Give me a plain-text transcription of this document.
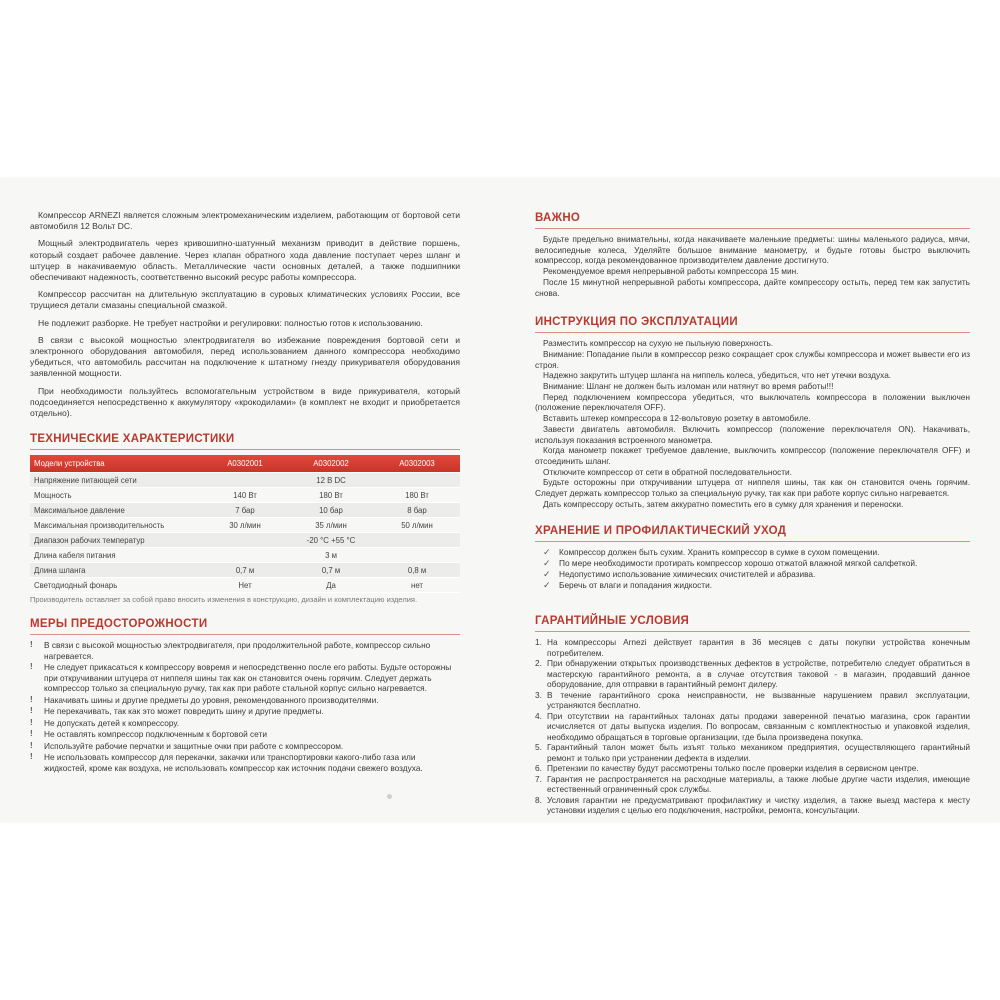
Компрессор ARNEZI является сложным электромеханическим изделием, работающим от бортовой сети автомобиля 12 Вольт DC.

Мощный электродвигатель через кривошипно-шатунный механизм приводит в действие поршень, который создает рабочее давление. Через клапан обратного хода давление поступает через шланг и штуцер в накачиваемую область. Металлические части основных деталей, а также подшипники обеспечивают надежность, соответственно высокий ресурс работы компрессора.

Компрессор рассчитан на длительную эксплуатацию в суровых климатических условиях России, все трущиеся детали смазаны специальной смазкой.

Не подлежит разборке. Не требует настройки и регулировки: полностью готов к использованию.

В связи с высокой мощностью электродвигателя во избежание повреждения бортовой сети и электронного оборудования автомобиля, перед использованием данного компрессора необходимо убедиться, что автомобиль рассчитан на подключение к штатному гнезду прикуривателя оборудования заявленной мощности.

При необходимости пользуйтесь вспомогательным устройством в виде прикуривателя, который подсоединяется непосредственно к аккумулятору «крокодилами» (в комплект не входит и приобретается отдельно).

ТЕХНИЧЕСКИЕ ХАРАКТЕРИСТИКИ
Модели устройства	A0302001	A0302002	A0302003
Напряжение питающей сети	12 В DC		
Мощность	140 Вт	180 Вт	180 Вт
Максимальное давление	7 бар	10 бар	8 бар
Максимальная производительность	30 л/мин	35 л/мин	50 л/мин
Диапазон рабочих температур	-20 °C +55 °C		
Длина кабеля питания	3 м		
Длина шланга	0,7 м	0,7 м	0,8 м
Светодиодный фонарь	Нет	Да	нет
Производитель оставляет за собой право вносить изменения в конструкцию, дизайн и комплектацию изделия.
МЕРЫ ПРЕДОСТОРОЖНОСТИ
!	В связи с высокой мощностью электродвигателя, при продолжительной работе, компрессор сильно нагревается.
!	Не следует прикасаться к компрессору вовремя и непосредственно после его работы. Будьте осторожны при откручивании штуцера от ниппеля шины так как он становится очень горячим. Следует держать компрессор только за специальную ручку, так как при работе стальной корпус сильно нагревается.
!	Накачивать шины и другие предметы до уровня, рекомендованного производителями.
!	Не перекачивать, так как это может повредить шину и другие предметы.
!	Не допускать детей к компрессору.
!	Не оставлять компрессор подключенным к бортовой сети
!	Используйте рабочие перчатки и защитные очки при работе с компрессором.
!	Не использовать компрессор для перекачки, закачки или транспортировки какого-либо газа или жидкостей, кроме как воздуха, не использовать компрессор как источник подачи свежего воздуха.
ВАЖНО

Будьте предельно внимательны, когда накачиваете маленькие предметы: шины маленького радиуса, мячи, велосипедные колеса, Уделяйте большое внимание манометру, и будьте готовы быстро выключить компрессор, когда рекомендованное производителем давление достигнуто.

Рекомендуемое время непрерывной работы компрессора 15 мин.

После 15 минутной непрерывной работы компрессора, дайте компрессору остыть, перед тем как запустить снова.

ИНСТРУКЦИЯ ПО ЭКСПЛУАТАЦИИ

Разместить компрессор на сухую не пыльную поверхность.

Внимание: Попадание пыли в компрессор резко сокращает срок службы компрессора и может вывести его из строя.

Надежно закрутить штуцер шланга на ниппель колеса, убедиться, что нет утечки воздуха.

Внимание: Шланг не должен быть изломан или натянут во время работы!!!

Перед подключением компрессора убедиться, что выключатель компрессора в положении выключен (положение переключателя OFF).

Вставить штекер компрессора в 12-вольтовую розетку в автомобиле.

Завести двигатель автомобиля. Включить компрессор (положение переключателя ON). Накачивать, используя показания встроенного манометра.

Когда манометр покажет требуемое давление, выключить компрессор (положение переключателя OFF) и отсоединить шланг.

Отключите компрессор от сети в обратной последовательности.

Будьте осторожны при откручивании штуцера от ниппеля шины, так как он становится очень горячим. Следует держать компрессор только за специальную ручку, так как при работе корпус сильно нагревается.

Дать компрессору остыть, затем аккуратно поместить его в сумку для хранения и переноски.

ХРАНЕНИЕ И ПРОФИЛАКТИЧЕСКИЙ УХОД
✓	Компрессор должен быть сухим. Хранить компрессор в сумке в сухом помещении.
✓	По мере необходимости протирать компрессор хорошо отжатой влажной мягкой салфеткой.
✓	Недопустимо использование химических очистителей и абразива.
✓	Беречь от влаги и попадания жидкости.
ГАРАНТИЙНЫЕ УСЛОВИЯ
1. На компрессоры Arnezi действует гарантия в 36 месяцев с даты покупки устройства конечным потребителем.
2. При обнаружении открытых производственных дефектов в устройстве, потребителю следует обратиться в мастерскую гарантийного ремонта, а в случае отсутствия таковой - в магазин, продавший данное оборудование, для отправки в гарантийный ремонт дилеру.
3. В течение гарантийного срока неисправности, не вызванные нарушением правил эксплуатации, устраняются бесплатно.
4. При отсутствии на гарантийных талонах даты продажи заверенной печатью магазина, срок гарантии исчисляется от даты выпуска изделия. По вопросам, связанным с комплектностью и упаковкой изделия, необходимо обращаться в торговые организации, где была произведена покупка.
5. Гарантийный талон может быть изъят только механиком предприятия, осуществляющего гарантийный ремонт и только при устранении дефекта в изделии.
6. Претензии по качеству будут рассмотрены только после проверки изделия в сервисном центре.
7. Гарантия не распространяется на расходные материалы, а также любые другие части изделия, имеющие естественный ограниченный срок службы.
8. Условия гарантии не предусматривают профилактику и чистку изделия, а также выезд мастера к месту установки изделия с целью его подключения, настройки, ремонта, консультации.
